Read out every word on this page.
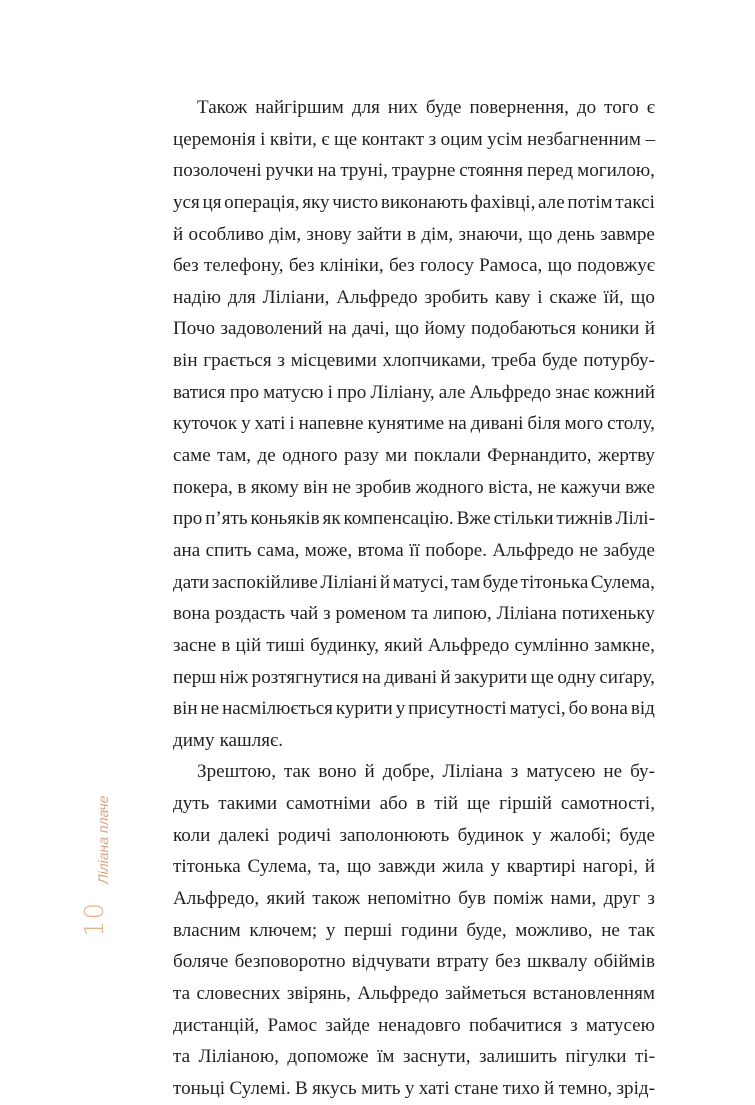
Також найгіршим для них буде повернення, до того є
церемонія і квіти, є ще контакт з оцим усім незбагненним –
позолочені ручки на труні, траурне стояння перед могилою,
уся ця операція, яку чисто виконають фахівці, але потім таксі
й особливо дім, знову зайти в дім, знаючи, що день завмре
без телефону, без клініки, без голосу Рамоса, що подовжує
надію для Ліліани, Альфредо зробить каву і скаже їй, що
Почо задоволений на дачі, що йому подобаються коники й
він грається з місцевими хлопчиками, треба буде потурбу-
ватися про матусю і про Ліліану, але Альфредо знає кожний
куточок у хаті і напевне кунятиме на дивані біля мого столу,
саме там, де одного разу ми поклали Фернандито, жертву
покера, в якому він не зробив жодного віста, не кажучи вже
про п’ять коньяків як компенсацію. Вже стільки тижнів Лілі-
ана спить сама, може, втома її поборе. Альфредо не забуде
дати заспокійливе Ліліані й матусі, там буде тітонька Сулема,
вона роздасть чай з роменом та липою, Ліліана потихеньку
засне в цій тиші будинку, який Альфредо сумлінно замкне,
перш ніж розтягнутися на дивані й закурити ще одну сиґару,
він не насмілюється курити у присутності матусі, бо вона від
диму кашляє.
Зрештою, так воно й добре, Ліліана з матусею не бу-
дуть такими самотніми або в тій ще гіршій самотності,
коли далекі родичі заполонюють будинок у жалобі; буде
тітонька Сулема, та, що завжди жила у квартирі нагорі, й
Альфредо, який також непомітно був поміж нами, друг з
власним ключем; у перші години буде, можливо, не так
боляче безповоротно відчувати втрату без шквалу обіймів
та словесних звірянь, Альфредо займеться встановленням
дистанцій, Рамос зайде ненадовго побачитися з матусею
та Ліліаною, допоможе їм заснути, залишить пігулки ті-
тоньці Сулемі. В якусь мить у хаті стане тихо й темно, зрід-
Ліліана плаче
10
